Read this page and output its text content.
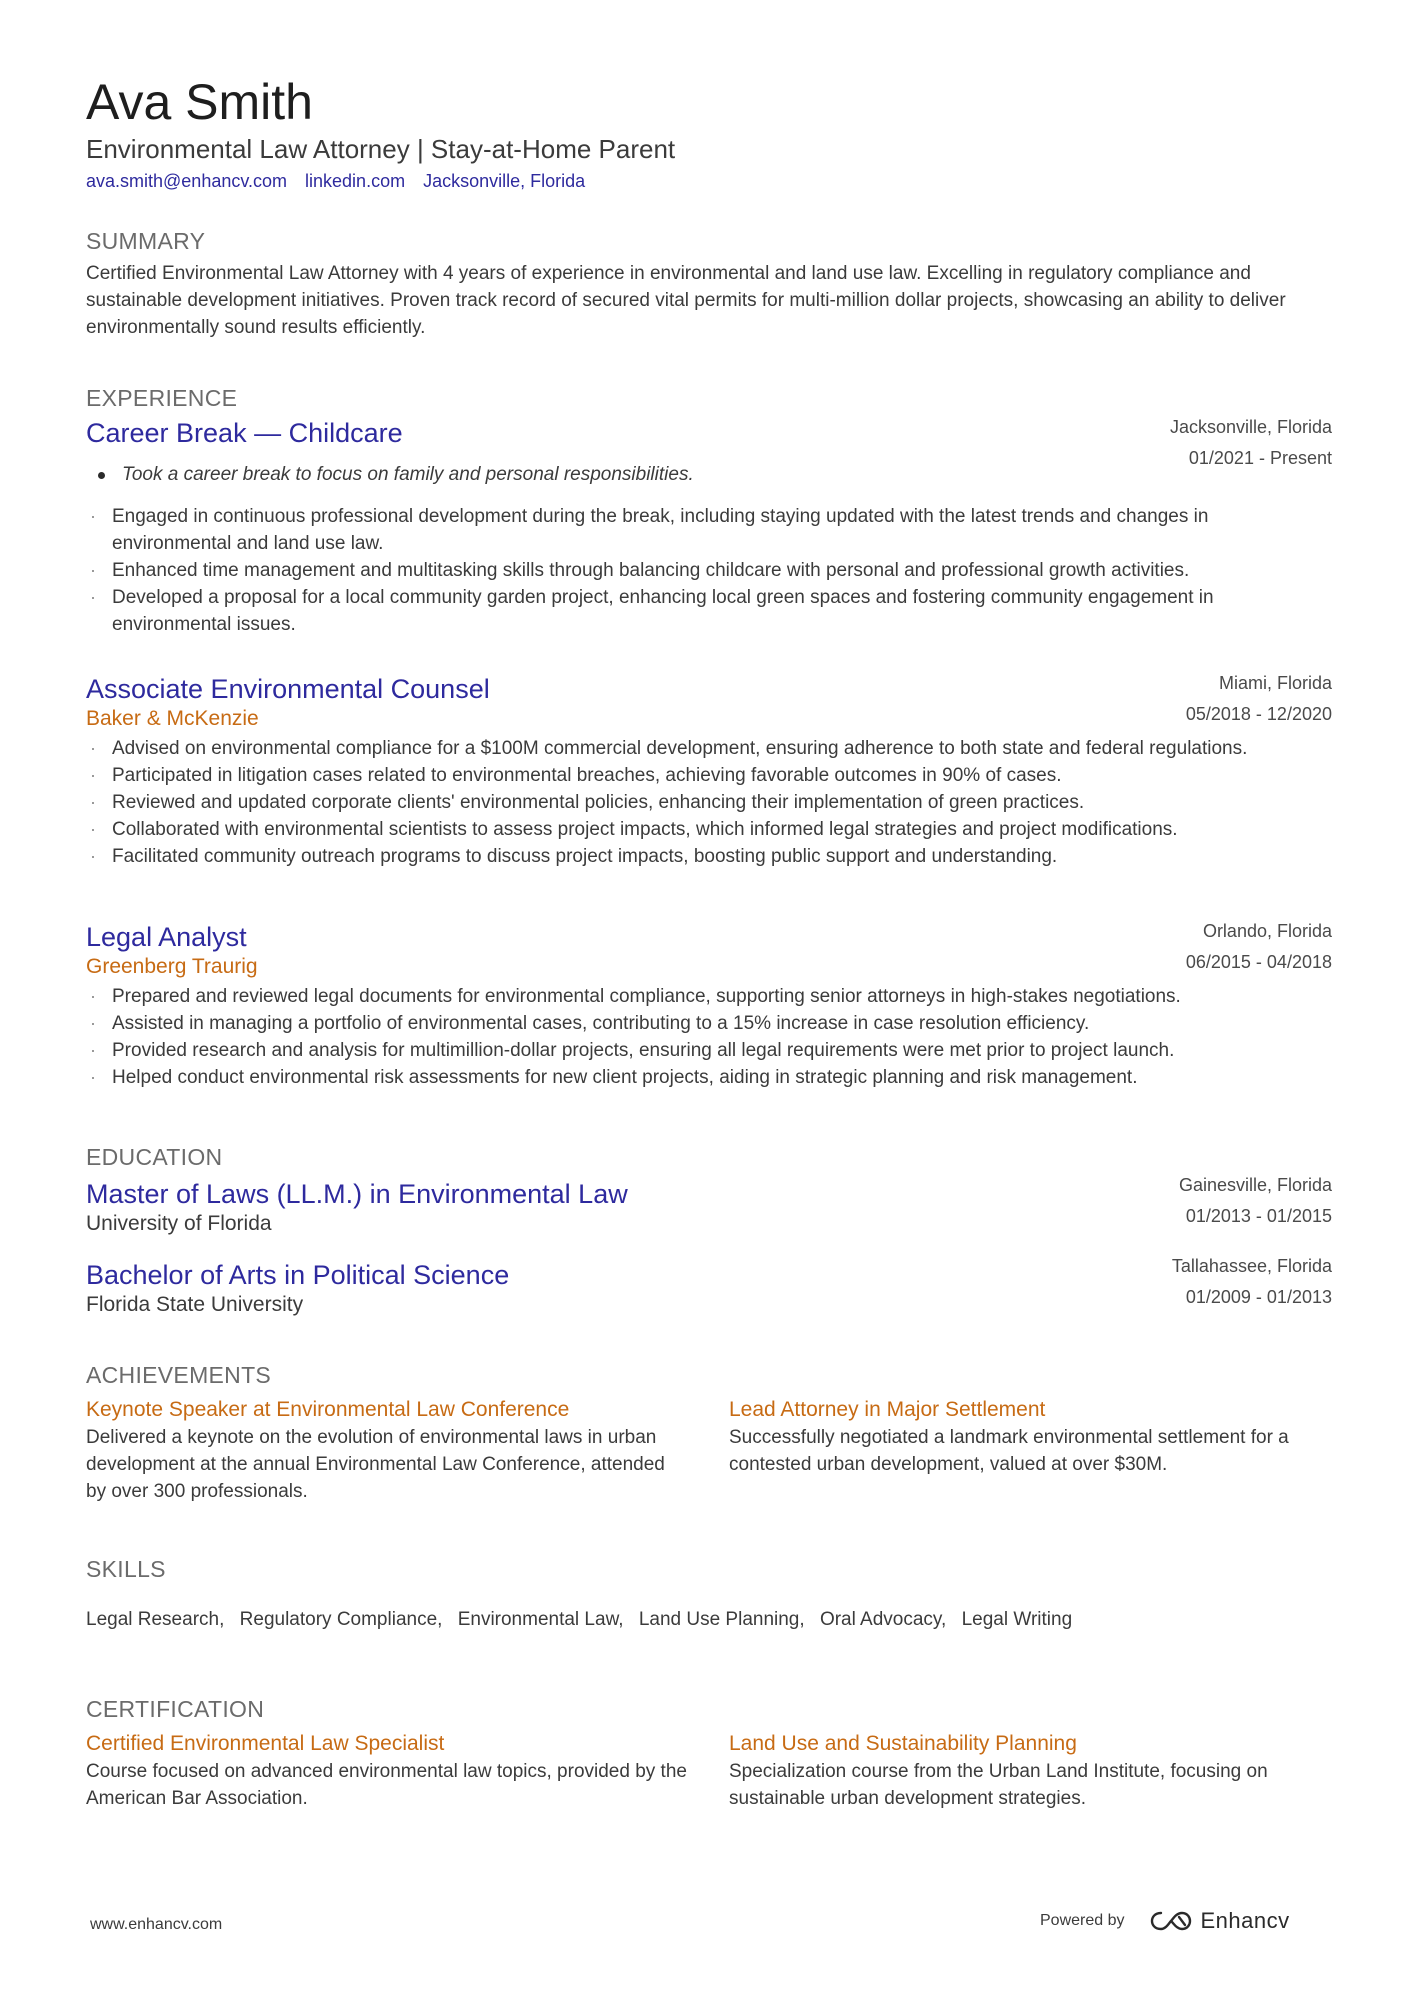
Ava Smith
Environmental Law Attorney | Stay-at-Home Parent
ava.smith@enhancv.com linkedin.com Jacksonville, Florida
SUMMARY
Certified Environmental Law Attorney with 4 years of experience in environmental and land use law. Excelling in regulatory compliance and sustainable development initiatives. Proven track record of secured vital permits for multi-million dollar projects, showcasing an ability to deliver environmentally sound results efficiently.
EXPERIENCE
Career Break — Childcare	Jacksonville, Florida
01/2021 - Present
Took a career break to focus on family and personal responsibilities.
· Engaged in continuous professional development during the break, including staying updated with the latest trends and changes in environmental and land use law.
· Enhanced time management and multitasking skills through balancing childcare with personal and professional growth activities.
· Developed a proposal for a local community garden project, enhancing local green spaces and fostering community engagement in environmental issues.
Associate Environmental Counsel	Miami, Florida
05/2018 - 12/2020
Baker & McKenzie
· Advised on environmental compliance for a $100M commercial development, ensuring adherence to both state and federal regulations.
· Participated in litigation cases related to environmental breaches, achieving favorable outcomes in 90% of cases.
· Reviewed and updated corporate clients' environmental policies, enhancing their implementation of green practices.
· Collaborated with environmental scientists to assess project impacts, which informed legal strategies and project modifications.
· Facilitated community outreach programs to discuss project impacts, boosting public support and understanding.
Legal Analyst	Orlando, Florida
06/2015 - 04/2018
Greenberg Traurig
· Prepared and reviewed legal documents for environmental compliance, supporting senior attorneys in high-stakes negotiations.
· Assisted in managing a portfolio of environmental cases, contributing to a 15% increase in case resolution efficiency.
· Provided research and analysis for multimillion-dollar projects, ensuring all legal requirements were met prior to project launch.
· Helped conduct environmental risk assessments for new client projects, aiding in strategic planning and risk management.
EDUCATION
Master of Laws (LL.M.) in Environmental Law	Gainesville, Florida
01/2013 - 01/2015
University of Florida
Bachelor of Arts in Political Science	Tallahassee, Florida
01/2009 - 01/2013
Florida State University
ACHIEVEMENTS
Keynote Speaker at Environmental Law Conference
Delivered a keynote on the evolution of environmental laws in urban development at the annual Environmental Law Conference, attended by over 300 professionals.
Lead Attorney in Major Settlement
Successfully negotiated a landmark environmental settlement for a contested urban development, valued at over $30M.
SKILLS
Legal Research, Regulatory Compliance, Environmental Law, Land Use Planning, Oral Advocacy, Legal Writing
CERTIFICATION
Certified Environmental Law Specialist
Course focused on advanced environmental law topics, provided by the American Bar Association.
Land Use and Sustainability Planning
Specialization course from the Urban Land Institute, focusing on sustainable urban development strategies.
www.enhancv.com	Powered by	Enhancv
